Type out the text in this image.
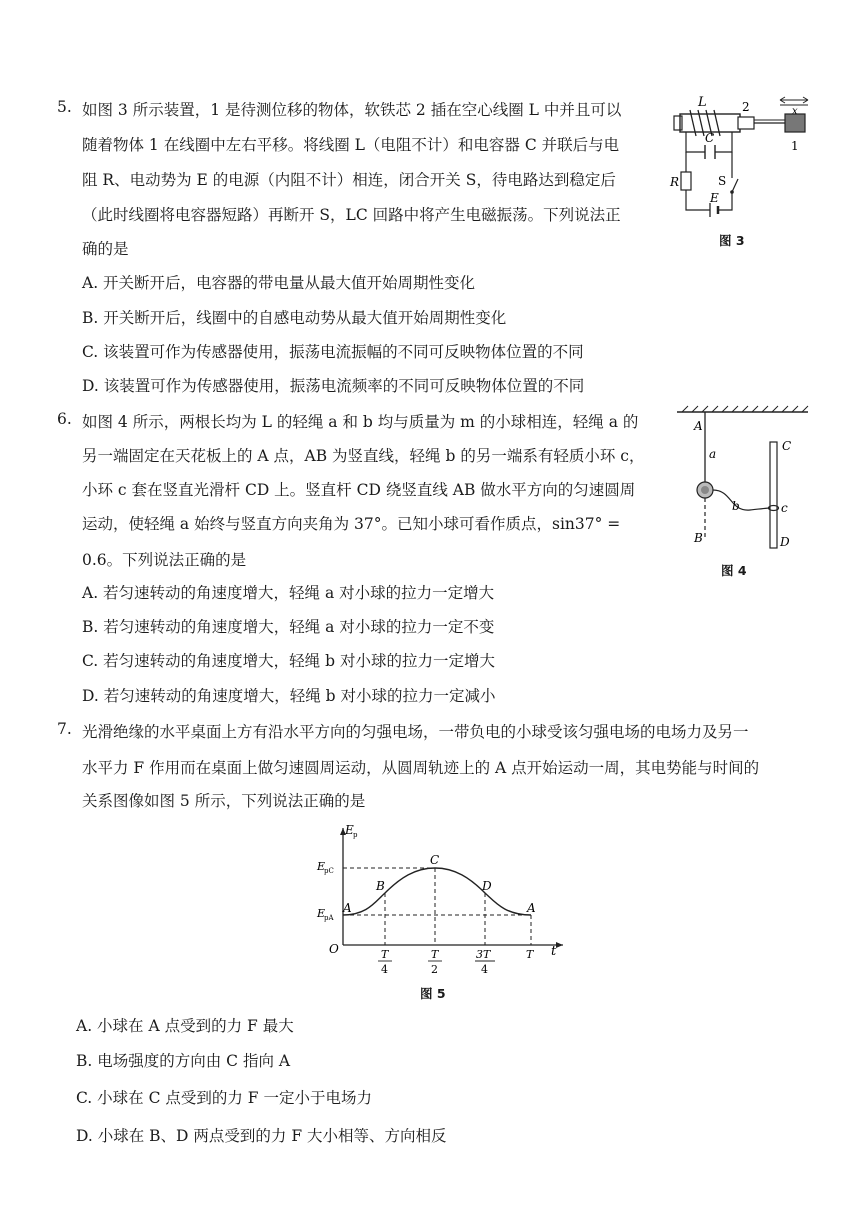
5. 如图 3 所示装置，1 是待测位移的物体，软铁芯 2 插在空心线圈 L 中并且可以
随着物体 1 在线圈中左右平移。将线圈 L（电阻不计）和电容器 C 并联后与电
阻 R、电动势为 E 的电源（内阻不计）相连，闭合开关 S，待电路达到稳定后
（此时线圈将电容器短路）再断开 S，LC 回路中将产生电磁振荡。下列说法正
确的是
A. 开关断开后，电容器的带电量从最大值开始周期性变化
B. 开关断开后，线圈中的自感电动势从最大值开始周期性变化
C. 该装置可作为传感器使用，振荡电流振幅的不同可反映物体位置的不同
D. 该装置可作为传感器使用，振荡电流频率的不同可反映物体位置的不同
L	2
1
x
C
R	S
E
图 3
6. 如图 4 所示，两根长均为 L 的轻绳 a 和 b 均与质量为 m 的小球相连，轻绳 a 的
另一端固定在天花板上的 A 点，AB 为竖直线，轻绳 b 的另一端系有轻质小环 c，
小环 c 套在竖直光滑杆 CD 上。竖直杆 CD 绕竖直线 AB 做水平方向的匀速圆周
运动，使轻绳 a 始终与竖直方向夹角为 37°。已知小球可看作质点，sin37° =
0.6。下列说法正确的是
A. 若匀速转动的角速度增大，轻绳 a 对小球的拉力一定增大
B. 若匀速转动的角速度增大，轻绳 a 对小球的拉力一定不变
C. 若匀速转动的角速度增大，轻绳 b 对小球的拉力一定增大
D. 若匀速转动的角速度增大，轻绳 b 对小球的拉力一定减小
A
a
B
C
b	c
D
图 4
7. 光滑绝缘的水平桌面上方有沿水平方向的匀强电场，一带负电的小球受该匀强电场的电场力及另一
水平力 F 作用而在桌面上做匀速圆周运动，从圆周轨迹上的 A 点开始运动一周，其电势能与时间的
关系图像如图 5 所示，下列说法正确的是
E p
t
O
E
pC
E
pA
A
B
C
D
A
T
4
T
2
3T
4
T
图 5
A. 小球在 A 点受到的力 F 最大
B. 电场强度的方向由 C 指向 A
C. 小球在 C 点受到的力 F 一定小于电场力
D. 小球在 B、D 两点受到的力 F 大小相等、方向相反
